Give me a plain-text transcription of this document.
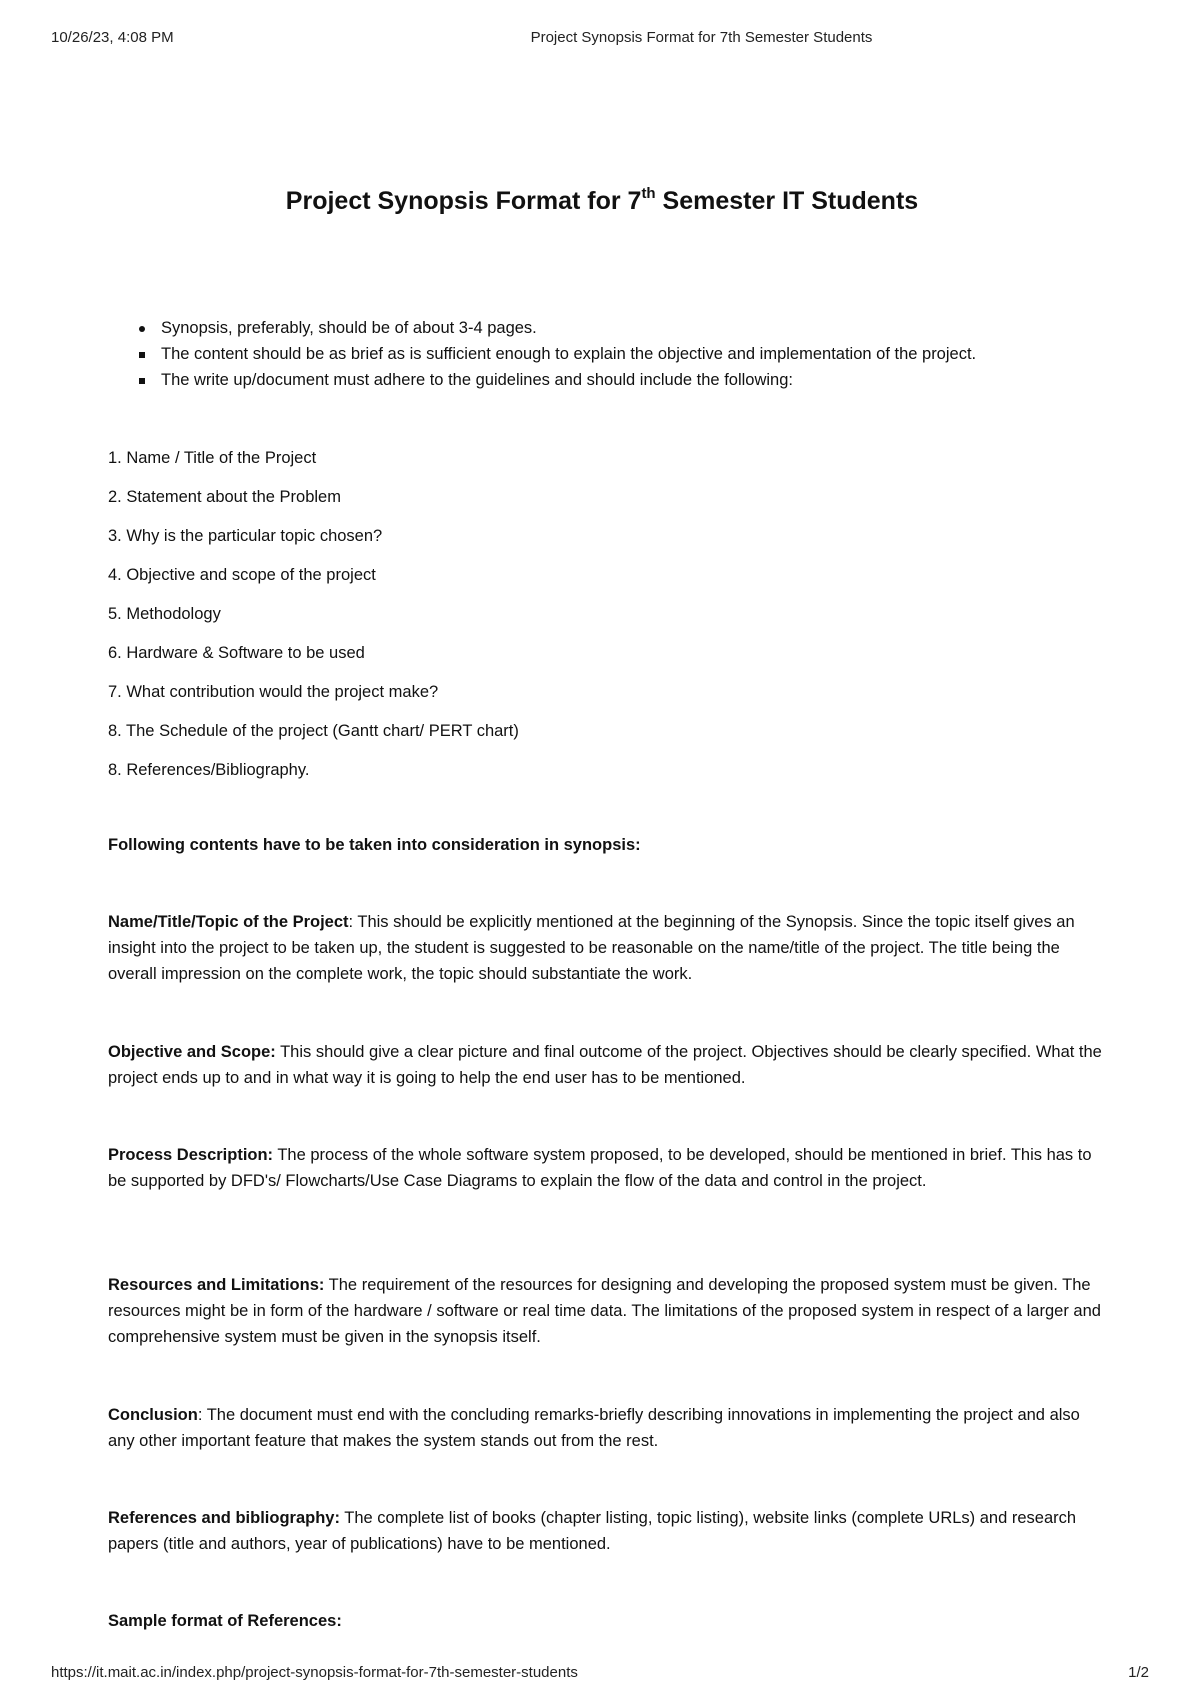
10/26/23, 4:08 PM	Project Synopsis Format for 7th Semester Students
Project Synopsis Format for 7th Semester IT Students
Synopsis, preferably, should be of about 3-4 pages.
The content should be as brief as is sufficient enough to explain the objective and implementation of the project.
The write up/document must adhere to the guidelines and should include the following:
1. Name / Title of the Project
2. Statement about the Problem
3. Why is the particular topic chosen?
4. Objective and scope of the project
5. Methodology
6. Hardware & Software to be used
7. What contribution would the project make?
8. The Schedule of the project (Gantt chart/ PERT chart)
8. References/Bibliography.

Following contents have to be taken into consideration in synopsis:

Name/Title/Topic of the Project: This should be explicitly mentioned at the beginning of the Synopsis. Since the topic itself gives an insight into the project to be taken up, the student is suggested to be reasonable on the name/title of the project. The title being the overall impression on the complete work, the topic should substantiate the work.

Objective and Scope: This should give a clear picture and final outcome of the project. Objectives should be clearly specified. What the project ends up to and in what way it is going to help the end user has to be mentioned.

Process Description: The process of the whole software system proposed, to be developed, should be mentioned in brief. This has to be supported by DFD's/ Flowcharts/Use Case Diagrams to explain the flow of the data and control in the project.

Resources and Limitations: The requirement of the resources for designing and developing the proposed system must be given. The resources might be in form of the hardware / software or real time data. The limitations of the proposed system in respect of a larger and comprehensive system must be given in the synopsis itself.

Conclusion: The document must end with the concluding remarks-briefly describing innovations in implementing the project and also any other important feature that makes the system stands out from the rest.

References and bibliography: The complete list of books (chapter listing, topic listing), website links (complete URLs) and research papers (title and authors, year of publications) have to be mentioned.

Sample format of References:

https://it.mait.ac.in/index.php/project-synopsis-format-for-7th-semester-students	1/2
